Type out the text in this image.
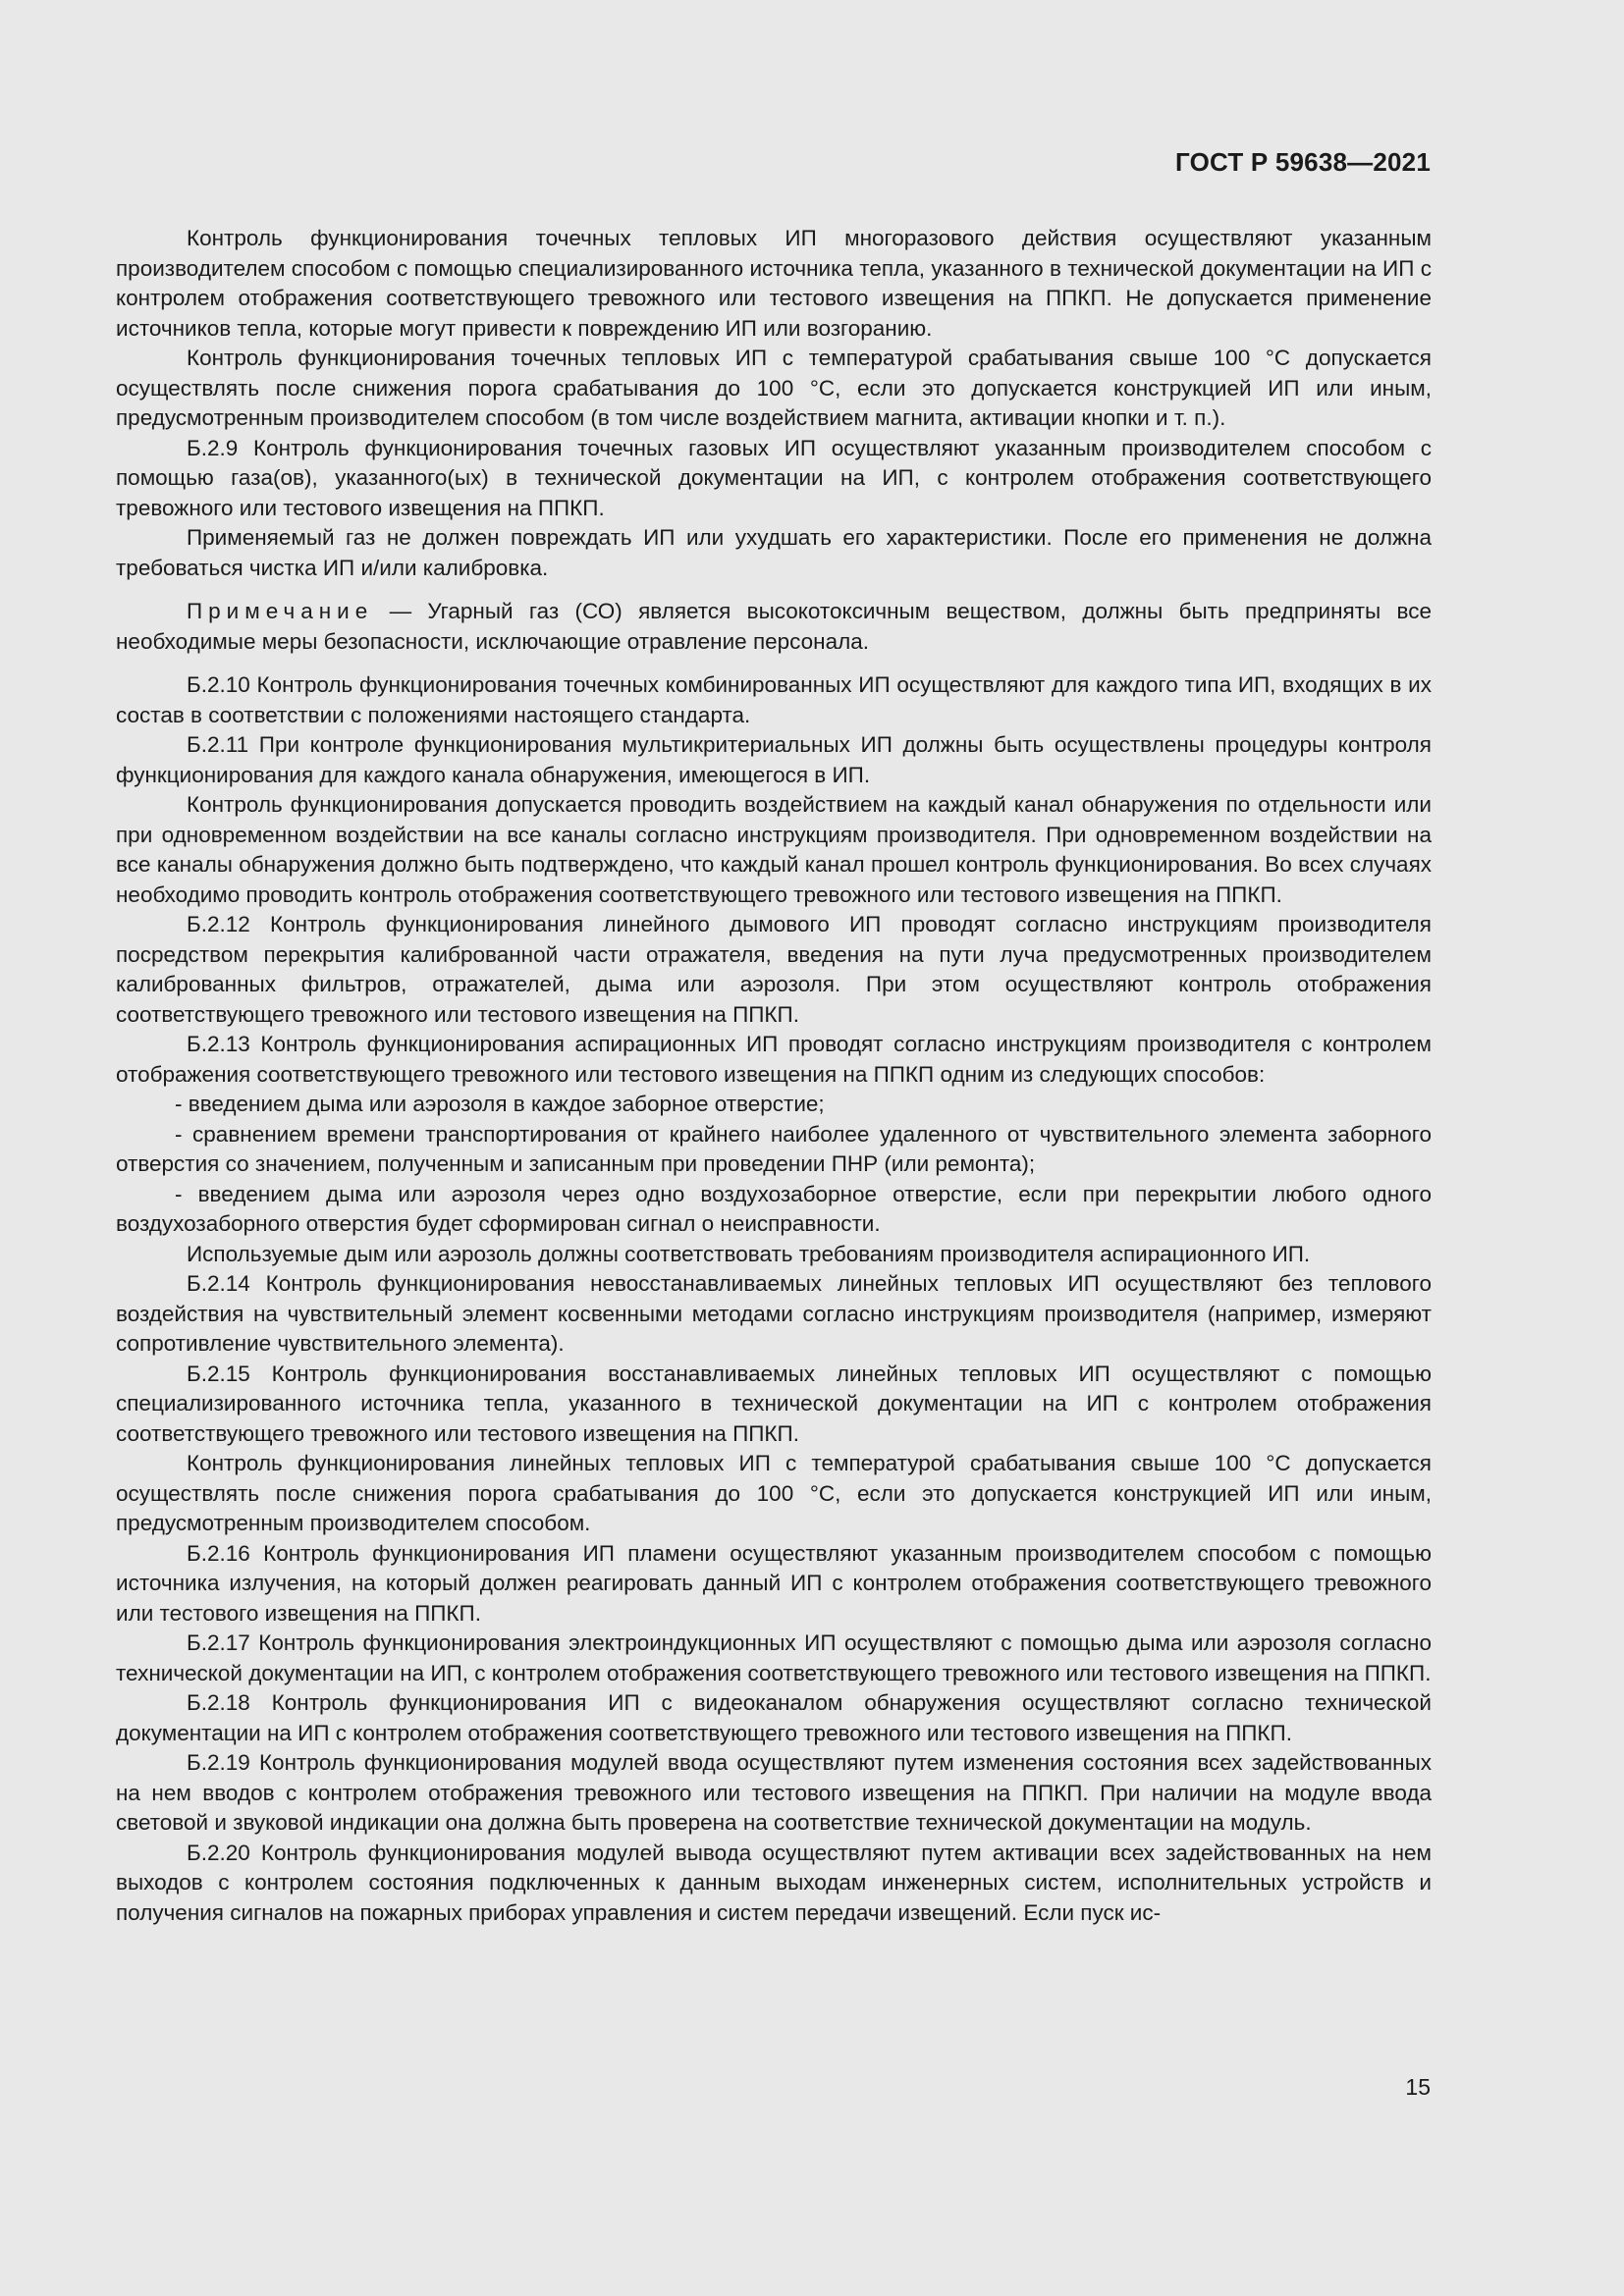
ГОСТ Р 59638—2021

Контроль функционирования точечных тепловых ИП многоразового действия осуществляют указанным производителем способом с помощью специализированного источника тепла, указанного в технической документации на ИП с контролем отображения соответствующего тревожного или тестового извещения на ППКП. Не допускается применение источников тепла, которые могут привести к повреждению ИП или возгоранию.

Контроль функционирования точечных тепловых ИП с температурой срабатывания свыше 100 °С допускается осуществлять после снижения порога срабатывания до 100 °С, если это допускается конструкцией ИП или иным, предусмотренным производителем способом (в том числе воздействием магнита, активации кнопки и т. п.).

Б.2.9 Контроль функционирования точечных газовых ИП осуществляют указанным производителем способом с помощью газа(ов), указанного(ых) в технической документации на ИП, с контролем отображения соответствующего тревожного или тестового извещения на ППКП.

Применяемый газ не должен повреждать ИП или ухудшать его характеристики. После его применения не должна требоваться чистка ИП и/или калибровка.

Примечание — Угарный газ (СО) является высокотоксичным веществом, должны быть предприняты все необходимые меры безопасности, исключающие отравление персонала.

Б.2.10 Контроль функционирования точечных комбинированных ИП осуществляют для каждого типа ИП, входящих в их состав в соответствии с положениями настоящего стандарта.

Б.2.11 При контроле функционирования мультикритериальных ИП должны быть осуществлены процедуры контроля функционирования для каждого канала обнаружения, имеющегося в ИП.

Контроль функционирования допускается проводить воздействием на каждый канал обнаружения по отдельности или при одновременном воздействии на все каналы согласно инструкциям производителя. При одновременном воздействии на все каналы обнаружения должно быть подтверждено, что каждый канал прошел контроль функционирования. Во всех случаях необходимо проводить контроль отображения соответствующего тревожного или тестового извещения на ППКП.

Б.2.12 Контроль функционирования линейного дымового ИП проводят согласно инструкциям производителя посредством перекрытия калиброванной части отражателя, введения на пути луча предусмотренных производителем калиброванных фильтров, отражателей, дыма или аэрозоля. При этом осуществляют контроль отображения соответствующего тревожного или тестового извещения на ППКП.

Б.2.13 Контроль функционирования аспирационных ИП проводят согласно инструкциям производителя с контролем отображения соответствующего тревожного или тестового извещения на ППКП одним из следующих способов:

- введением дыма или аэрозоля в каждое заборное отверстие;

- сравнением времени транспортирования от крайнего наиболее удаленного от чувствительного элемента заборного отверстия со значением, полученным и записанным при проведении ПНР (или ремонта);

- введением дыма или аэрозоля через одно воздухозаборное отверстие, если при перекрытии любого одного воздухозаборного отверстия будет сформирован сигнал о неисправности.

Используемые дым или аэрозоль должны соответствовать требованиям производителя аспирационного ИП.

Б.2.14 Контроль функционирования невосстанавливаемых линейных тепловых ИП осуществляют без теплового воздействия на чувствительный элемент косвенными методами согласно инструкциям производителя (например, измеряют сопротивление чувствительного элемента).

Б.2.15 Контроль функционирования восстанавливаемых линейных тепловых ИП осуществляют с помощью специализированного источника тепла, указанного в технической документации на ИП с контролем отображения соответствующего тревожного или тестового извещения на ППКП.

Контроль функционирования линейных тепловых ИП с температурой срабатывания свыше 100 °С допускается осуществлять после снижения порога срабатывания до 100 °С, если это допускается конструкцией ИП или иным, предусмотренным производителем способом.

Б.2.16 Контроль функционирования ИП пламени осуществляют указанным производителем способом с помощью источника излучения, на который должен реагировать данный ИП с контролем отображения соответствующего тревожного или тестового извещения на ППКП.

Б.2.17 Контроль функционирования электроиндукционных ИП осуществляют с помощью дыма или аэрозоля согласно технической документации на ИП, с контролем отображения соответствующего тревожного или тестового извещения на ППКП.

Б.2.18 Контроль функционирования ИП с видеоканалом обнаружения осуществляют согласно технической документации на ИП с контролем отображения соответствующего тревожного или тестового извещения на ППКП.

Б.2.19 Контроль функционирования модулей ввода осуществляют путем изменения состояния всех задействованных на нем вводов с контролем отображения тревожного или тестового извещения на ППКП. При наличии на модуле ввода световой и звуковой индикации она должна быть проверена на соответствие технической документации на модуль.

Б.2.20 Контроль функционирования модулей вывода осуществляют путем активации всех задействованных на нем выходов с контролем состояния подключенных к данным выходам инженерных систем, исполнительных устройств и получения сигналов на пожарных приборах управления и систем передачи извещений. Если пуск ис-

15
